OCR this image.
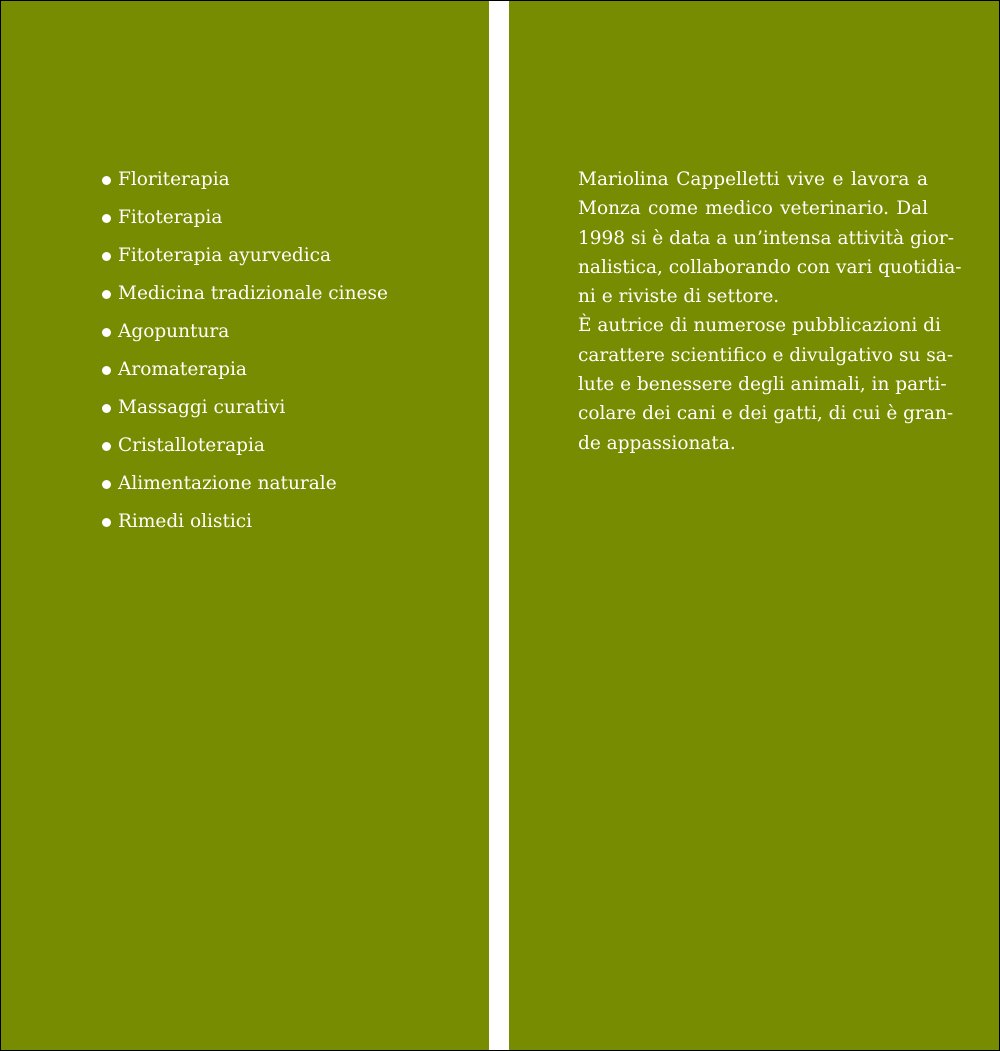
Floriterapia
Fitoterapia
Fitoterapia ayurvedica
Medicina tradizionale cinese
Agopuntura
Aromaterapia
Massaggi curativi
Cristalloterapia
Alimentazione naturale
Rimedi olistici
Mariolina Cappelletti vive e lavora a
Monza come medico veterinario. Dal
1998 si è data a un’intensa attività gior-
nalistica, collaborando con vari quotidia-
ni e riviste di settore.
È autrice di numerose pubblicazioni di
carattere scientifico e divulgativo su sa-
lute e benessere degli animali, in parti-
colare dei cani e dei gatti, di cui è gran-
de appassionata.
